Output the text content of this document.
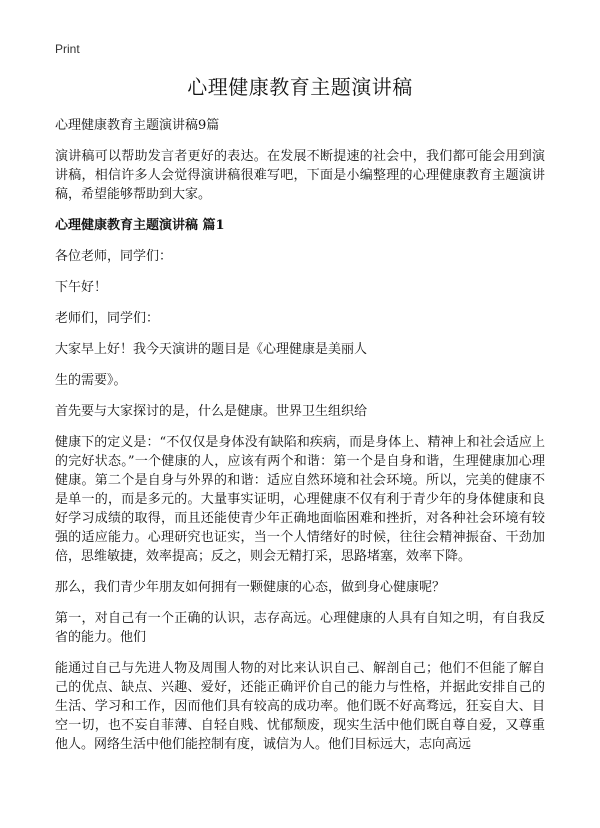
Print
心理健康教育主题演讲稿

心理健康教育主题演讲稿9篇

演讲稿可以帮助发言者更好的表达。在发展不断提速的社会中，我们都可能会用到演讲稿，相信许多人会觉得演讲稿很难写吧，下面是小编整理的心理健康教育主题演讲稿，希望能够帮助到大家。

心理健康教育主题演讲稿 篇1

各位老师，同学们：

下午好！

老师们，同学们：

大家早上好！我今天演讲的题目是《心理健康是美丽人

生的需要》。

首先要与大家探讨的是，什么是健康。世界卫生组织给

健康下的定义是：“不仅仅是身体没有缺陷和疾病，而是身体上、精神上和社会适应上的完好状态。”一个健康的人，应该有两个和谐：第一个是自身和谐，生理健康加心理健康。第二个是自身与外界的和谐：适应自然环境和社会环境。所以，完美的健康不是单一的，而是多元的。大量事实证明，心理健康不仅有利于青少年的身体健康和良好学习成绩的取得，而且还能使青少年正确地面临困难和挫折，对各种社会环境有较强的适应能力。心理研究也证实，当一个人情绪好的时候，往往会精神振奋、干劲加倍，思维敏捷，效率提高；反之，则会无精打采，思路堵塞，效率下降。

那么，我们青少年朋友如何拥有一颗健康的心态，做到身心健康呢？

第一，对自己有一个正确的认识，志存高远。心理健康的人具有自知之明，有自我反省的能力。他们

能通过自己与先进人物及周围人物的对比来认识自己、解剖自己；他们不但能了解自己的优点、缺点、兴趣、爱好，还能正确评价自己的能力与性格，并据此安排自己的生活、学习和工作，因而他们具有较高的成功率。他们既不好高骛远，狂妄自大、目空一切，也不妄自菲薄、自轻自贱、忧郁颓废，现实生活中他们既自尊自爱，又尊重他人。网络生活中他们能控制有度，诚信为人。他们目标远大，志向高远
